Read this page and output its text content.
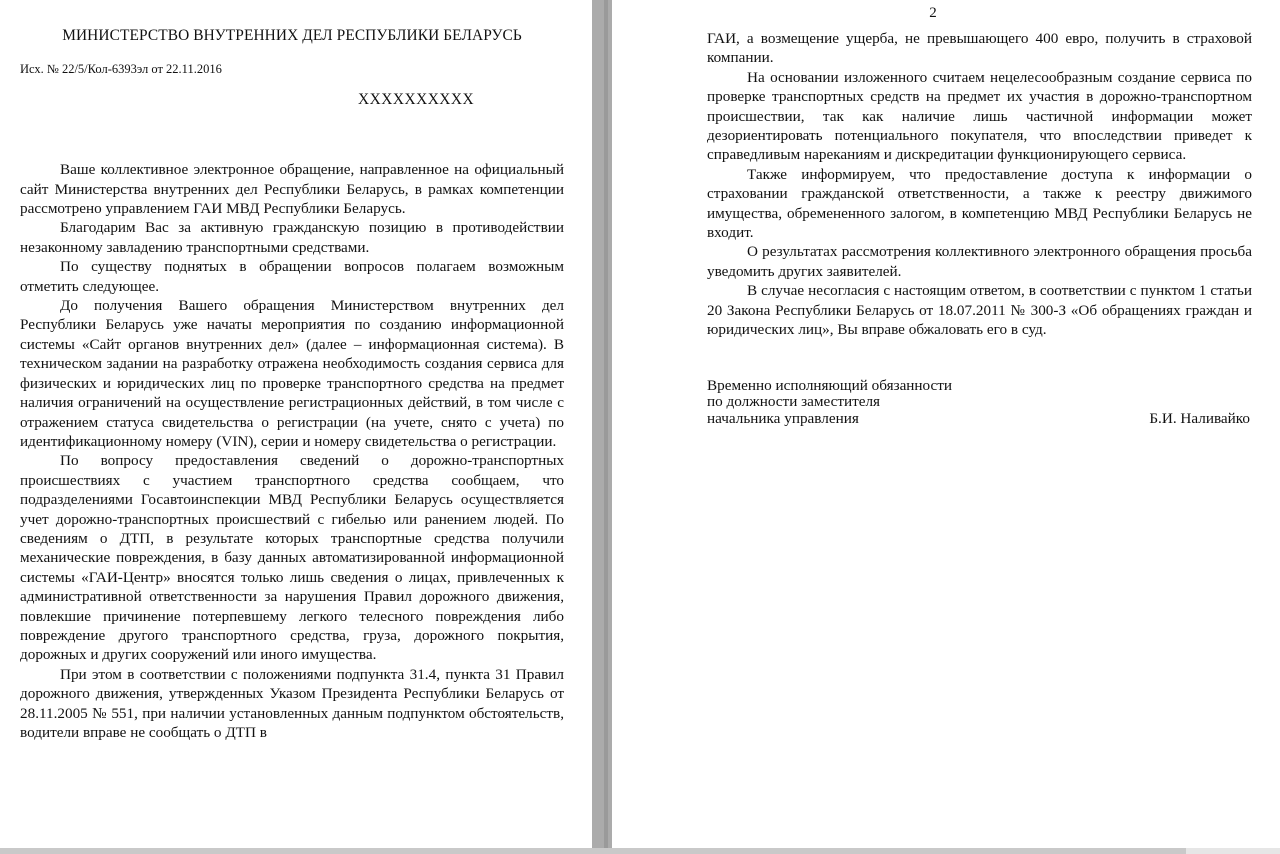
МИНИСТЕРСТВО ВНУТРЕННИХ ДЕЛ РЕСПУБЛИКИ БЕЛАРУСЬ
Исх. № 22/5/Кол-6393эл от 22.11.2016
XXXXXXXXXX

Ваше коллективное электронное обращение, направленное на официальный сайт Министерства внутренних дел Республики Беларусь, в рамках компетенции рассмотрено управлением ГАИ МВД Республики Беларусь.

Благодарим Вас за активную гражданскую позицию в противодействии незаконному завладению транспортными средствами.

По существу поднятых в обращении вопросов полагаем возможным отметить следующее.

До получения Вашего обращения Министерством внутренних дел Республики Беларусь уже начаты мероприятия по созданию информационной системы «Сайт органов внутренних дел» (далее – информационная система). В техническом задании на разработку отражена необходимость создания сервиса для физических и юридических лиц по проверке транспортного средства на предмет наличия ограничений на осуществление регистрационных действий, в том числе с отражением статуса свидетельства о регистрации (на учете, снято с учета) по идентификационному номеру (VIN), серии и номеру свидетельства о регистрации.

По вопросу предоставления сведений о дорожно-транспортных происшествиях с участием транспортного средства сообщаем, что подразделениями Госавтоинспекции МВД Республики Беларусь осуществляется учет дорожно-транспортных происшествий с гибелью или ранением людей. По сведениям о ДТП, в результате которых транспортные средства получили механические повреждения, в базу данных автоматизированной информационной системы «ГАИ-Центр» вносятся только лишь сведения о лицах, привлеченных к административной ответственности за нарушения Правил дорожного движения, повлекшие причинение потерпевшему легкого телесного повреждения либо повреждение другого транспортного средства, груза, дорожного покрытия, дорожных и других сооружений или иного имущества.

При этом в соответствии с положениями подпункта 31.4, пункта 31 Правил дорожного движения, утвержденных Указом Президента Республики Беларусь от 28.11.2005 № 551, при наличии установленных данным подпунктом обстоятельств, водители вправе не сообщать о ДТП в

2

ГАИ, а возмещение ущерба, не превышающего 400 евро, получить в страховой компании.

На основании изложенного считаем нецелесообразным создание сервиса по проверке транспортных средств на предмет их участия в дорожно-транспортном происшествии, так как наличие лишь частичной информации может дезориентировать потенциального покупателя, что впоследствии приведет к справедливым нареканиям и дискредитации функционирующего сервиса.

Также информируем, что предоставление доступа к информации о страховании гражданской ответственности, а также к реестру движимого имущества, обремененного залогом, в компетенцию МВД Республики Беларусь не входит.

О результатах рассмотрения коллективного электронного обращения просьба уведомить других заявителей.

В случае несогласия с настоящим ответом, в соответствии с пунктом 1 статьи 20 Закона Республики Беларусь от 18.07.2011 № 300-З «Об обращениях граждан и юридических лиц», Вы вправе обжаловать его в суд.

Временно исполняющий обязанности
по должности заместителя
начальника управления	Б.И. Наливайко
